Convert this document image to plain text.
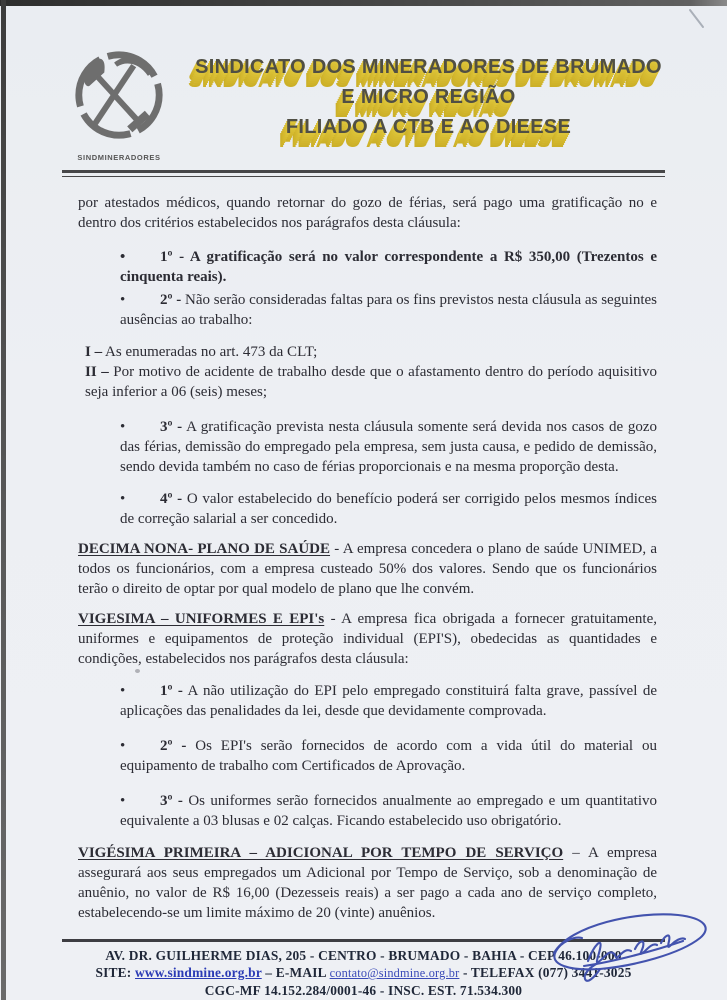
SINDMINERADORES
SINDICATO DOS MINERADORES DE BRUMADO
E MICRO REGIÃO
FILIADO A CTB E AO DIEESE

por atestados médicos, quando retornar do gozo de férias, será pago uma gratificação no e dentro dos critérios estabelecidos nos parágrafos desta cláusula:

• 1º - A gratificação será no valor correspondente a R$ 350,00 (Trezentos e cinquenta reais).
• 2º - Não serão consideradas faltas para os fins previstos nesta cláusula as seguintes ausências ao trabalho:

I – As enumeradas no art. 473 da CLT;

II – Por motivo de acidente de trabalho desde que o afastamento dentro do período aquisitivo seja inferior a 06 (seis) meses;

• 3º - A gratificação prevista nesta cláusula somente será devida nos casos de gozo das férias, demissão do empregado pela empresa, sem justa causa, e pedido de demissão, sendo devida também no caso de férias proporcionais e na mesma proporção desta.
• 4º - O valor estabelecido do benefício poderá ser corrigido pelos mesmos índices de correção salarial a ser concedido.

DECIMA NONA- PLANO DE SAÚDE - A empresa concedera o plano de saúde UNIMED, a todos os funcionários, com a empresa custeado 50% dos valores. Sendo que os funcionários terão o direito de optar por qual modelo de plano que lhe convém.

VIGESIMA – UNIFORMES E EPI's - A empresa fica obrigada a fornecer gratuitamente, uniformes e equipamentos de proteção individual (EPI'S), obedecidas as quantidades e condições, estabelecidos nos parágrafos desta cláusula:

• 1º - A não utilização do EPI pelo empregado constituirá falta grave, passível de aplicações das penalidades da lei, desde que devidamente comprovada.
• 2º - Os EPI's serão fornecidos de acordo com a vida útil do material ou equipamento de trabalho com Certificados de Aprovação.
• 3º - Os uniformes serão fornecidos anualmente ao empregado e um quantitativo equivalente a 03 blusas e 02 calças. Ficando estabelecido uso obrigatório.

VIGÉSIMA PRIMEIRA – ADICIONAL POR TEMPO DE SERVIÇO – A empresa assegurará aos seus empregados um Adicional por Tempo de Serviço, sob a denominação de anuênio, no valor de R$ 16,00 (Dezesseis reais) a ser pago a cada ano de serviço completo, estabelecendo-se um limite máximo de 20 (vinte) anuênios.

AV. DR. GUILHERME DIAS, 205 - CENTRO - BRUMADO - BAHIA - CEP 46.100-000
SITE: www.sindmine.org.br – E-MAIL contato@sindmine.org.br - TELEFAX (077) 3441-3025
CGC-MF 14.152.284/0001-46 - INSC. EST. 71.534.300
